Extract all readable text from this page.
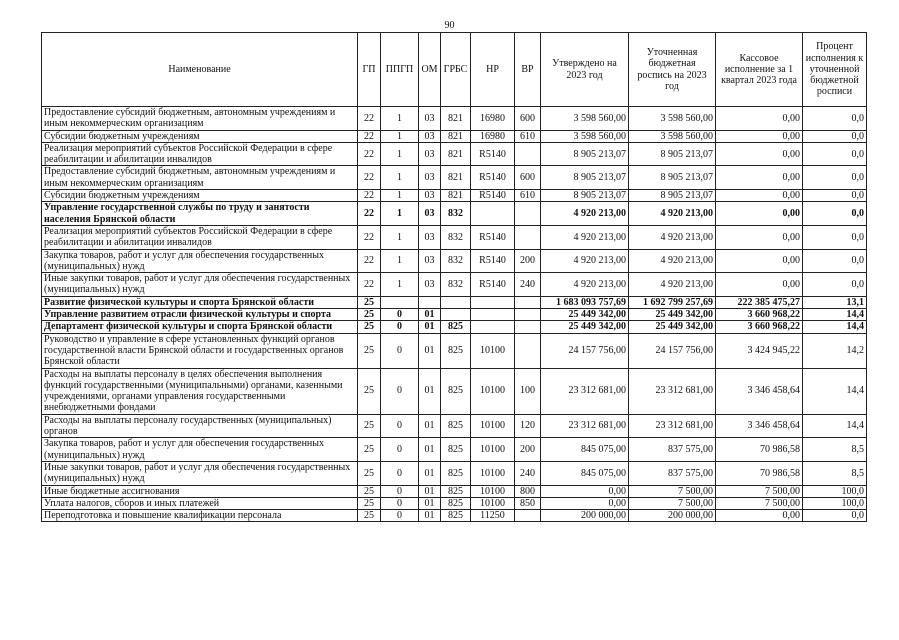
90
Наименование	ГП	ППГП	ОМ	ГРБС	НР	ВР	Утверждено на 2023 год	Уточненная бюджетная роспись на 2023 год	Кассовое исполнение за 1 квартал 2023 года	Процент исполнения к уточненной бюджетной росписи
Предоставление субсидий бюджетным, автономным учреждениям и иным некоммерческим организациям	22	1	03	821	16980	600	3 598 560,00	3 598 560,00	0,00	0,0
Субсидии бюджетным учреждениям	22	1	03	821	16980	610	3 598 560,00	3 598 560,00	0,00	0,0
Реализация мероприятий субъектов Российской Федерации в сфере реабилитации и абилитации инвалидов	22	1	03	821	R5140		8 905 213,07	8 905 213,07	0,00	0,0
Предоставление субсидий бюджетным, автономным учреждениям и иным некоммерческим организациям	22	1	03	821	R5140	600	8 905 213,07	8 905 213,07	0,00	0,0
Субсидии бюджетным учреждениям	22	1	03	821	R5140	610	8 905 213,07	8 905 213,07	0,00	0,0
Управление государственной службы по труду и занятости населения Брянской области	22	1	03	832			4 920 213,00	4 920 213,00	0,00	0,0
Реализация мероприятий субъектов Российской Федерации в сфере реабилитации и абилитации инвалидов	22	1	03	832	R5140		4 920 213,00	4 920 213,00	0,00	0,0
Закупка товаров, работ и услуг для обеспечения государственных (муниципальных) нужд	22	1	03	832	R5140	200	4 920 213,00	4 920 213,00	0,00	0,0
Иные закупки товаров, работ и услуг для обеспечения государственных (муниципальных) нужд	22	1	03	832	R5140	240	4 920 213,00	4 920 213,00	0,00	0,0
Развитие физической культуры и спорта Брянской области	25						1 683 093 757,69	1 692 799 257,69	222 385 475,27	13,1
Управление развитием отрасли физической культуры и спорта	25	0	01				25 449 342,00	25 449 342,00	3 660 968,22	14,4
Департамент физической культуры и спорта Брянской области	25	0	01	825			25 449 342,00	25 449 342,00	3 660 968,22	14,4
Руководство и управление в сфере установленных функций органов государственной власти Брянской области и государственных органов Брянской области	25	0	01	825	10100		24 157 756,00	24 157 756,00	3 424 945,22	14,2
Расходы на выплаты персоналу в целях обеспечения выполнения функций государственными (муниципальными) органами, казенными учреждениями, органами управления государственными внебюджетными фондами	25	0	01	825	10100	100	23 312 681,00	23 312 681,00	3 346 458,64	14,4
Расходы на выплаты персоналу государственных (муниципальных) органов	25	0	01	825	10100	120	23 312 681,00	23 312 681,00	3 346 458,64	14,4
Закупка товаров, работ и услуг для обеспечения государственных (муниципальных) нужд	25	0	01	825	10100	200	845 075,00	837 575,00	70 986,58	8,5
Иные закупки товаров, работ и услуг для обеспечения государственных (муниципальных) нужд	25	0	01	825	10100	240	845 075,00	837 575,00	70 986,58	8,5
Иные бюджетные ассигнования	25	0	01	825	10100	800	0,00	7 500,00	7 500,00	100,0
Уплата налогов, сборов и иных платежей	25	0	01	825	10100	850	0,00	7 500,00	7 500,00	100,0
Переподготовка и повышение квалификации персонала	25	0	01	825	11250		200 000,00	200 000,00	0,00	0,0
